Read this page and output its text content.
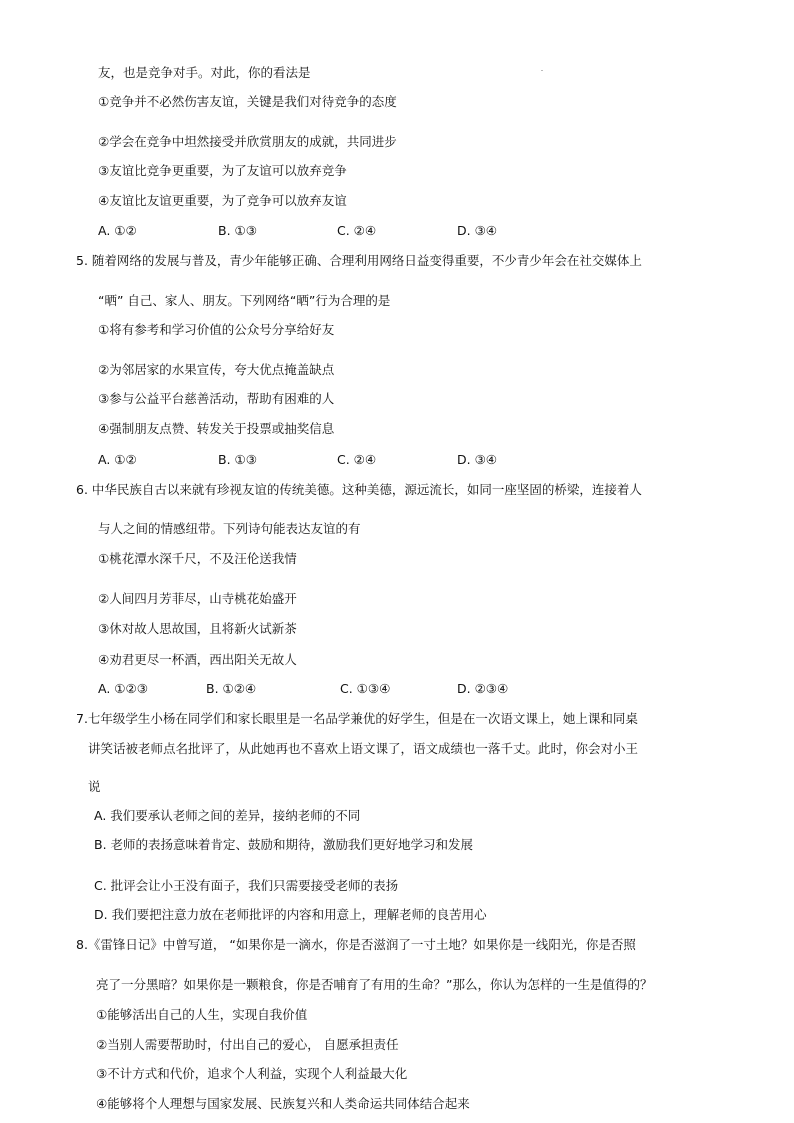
友，也是竞争对手。对此，你的看法是
①竞争并不必然伤害友谊，关键是我们对待竞争的态度
②学会在竞争中坦然接受并欣赏朋友的成就，共同进步
③友谊比竞争更重要，为了友谊可以放弃竞争
④友谊比友谊更重要，为了竞争可以放弃友谊
A. ①②	B. ①③	C. ②④	D. ③④
5. 随着网络的发展与普及，青少年能够正确、合理利用网络日益变得重要，不少青少年会在社交媒体上
“晒” 自己、家人、朋友。下列网络“晒”行为合理的是
①将有参考和学习价值的公众号分享给好友
②为邻居家的水果宣传，夸大优点掩盖缺点
③参与公益平台慈善活动，帮助有困难的人
④强制朋友点赞、转发关于投票或抽奖信息
A. ①②	B. ①③	C. ②④	D. ③④
6. 中华民族自古以来就有珍视友谊的传统美德。这种美德，源远流长，如同一座坚固的桥梁，连接着人
与人之间的情感纽带。下列诗句能表达友谊的有
①桃花潭水深千尺，不及汪伦送我情
②人间四月芳菲尽，山寺桃花始盛开
③休对故人思故国，且将新火试新茶
④劝君更尽一杯酒，西出阳关无故人
A. ①②③	B. ①②④	C. ①③④	D. ②③④
7.七年级学生小杨在同学们和家长眼里是一名品学兼优的好学生，但是在一次语文课上，她上课和同桌
讲笑话被老师点名批评了，从此她再也不喜欢上语文课了，语文成绩也一落千丈。此时，你会对小王
说
A. 我们要承认老师之间的差异，接纳老师的不同
B. 老师的表扬意味着肯定、鼓励和期待，激励我们更好地学习和发展
C. 批评会让小王没有面子，我们只需要接受老师的表扬
D. 我们要把注意力放在老师批评的内容和用意上，理解老师的良苦用心
8.《雷锋日记》中曾写道， “如果你是一滴水，你是否滋润了一寸土地？如果你是一线阳光，你是否照
亮了一分黑暗？如果你是一颗粮食，你是否哺育了有用的生命？”那么，你认为怎样的一生是值得的？
①能够活出自己的人生，实现自我价值
②当别人需要帮助时，付出自己的爱心， 自愿承担责任
③不计方式和代价，追求个人利益，实现个人利益最大化
④能够将个人理想与国家发展、民族复兴和人类命运共同体结合起来
